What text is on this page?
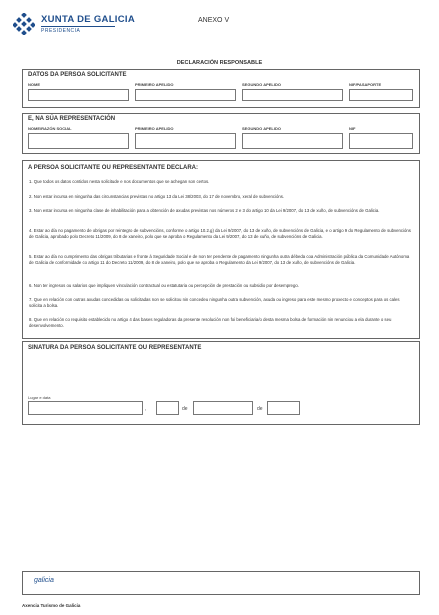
XUNTA DE GALICIA
PRESIDENCIA
ANEXO V
DECLARACIÓN RESPONSABLE
DATOS DA PERSOA SOLICITANTE
NOME	PRIMEIRO APELIDO	SEGUNDO APELIDO	NIF/PASAPORTE
E, NA SÚA REPRESENTACIÓN
NOME/RAZÓN SOCIAL	PRIMEIRO APELIDO	SEGUNDO APELIDO	NIF
A PERSOA SOLICITANTE OU REPRESENTANTE DECLARA:
1. Que todos os datos contidos nesta solicitude e nos documentos que se achegan son certos.
2. Non estar incursa en ningunha das circunstancias previstas no artigo 13 da Lei 38/2003, do 17 de novembro, xeral de subvencións.
3. Non estar incursa en ningunha clase de inhabilitación para a obtención de axudas previstas nos números 2 e 3 do artigo 10 da Lei 9/2007, do 13 de xuño, de subvencións de Galicia.
4. Estar ao día no pagamento de obrigas por reintegro de subvencións, conforme o artigo 10.2.g) da Lei 9/2007, do 13 de xuño, de subvencións de Galicia, e o artigo 9 do Regulamento de subvencións de Galicia, aprobado polo Decreto 11/2009, do 8 de xaneiro, polo que se aproba o Regulamento da Lei 9/2007, do 13 de xuño, de subvencións de Galicia.
5. Estar ao día no cumprimento das obrigas tributarias e fronte á Seguridade Social e de non ter pendente de pagamento ningunha outra débeda coa Administración pública da Comunidade Autónoma de Galicia de conformidade co artigo 11 do Decreto 11/2009, do 8 de xaneiro, polo que se aproba o Regulamento da Lei 9/2007, do 13 de xuño, de subvencións de Galicia.
6. Non ter ingresos ou salarios que impliquen vinculación contractual ou estatutaria ou percepción de prestación ou subsidio por desemprego.
7. Que en relación con outras axudas concedidas ou solicitadas non se solicitou nin concedeu ningunha outra subvención, axuda ou ingreso para este mesmo proxecto e conceptos para os cales solicita a bolsa.
8. Que en relación co requisito establecido no artigo 4 das bases reguladoras da presente resolución non foi beneficiaria/o desta mesma bolsa de formación nin renunciou a ela durante o seu desenvolvemento.
SINATURA DA PERSOA SOLICITANTE OU REPRESENTANTE
Lugar e data
,	de	de
galicia
Axencia Turismo de Galicia
